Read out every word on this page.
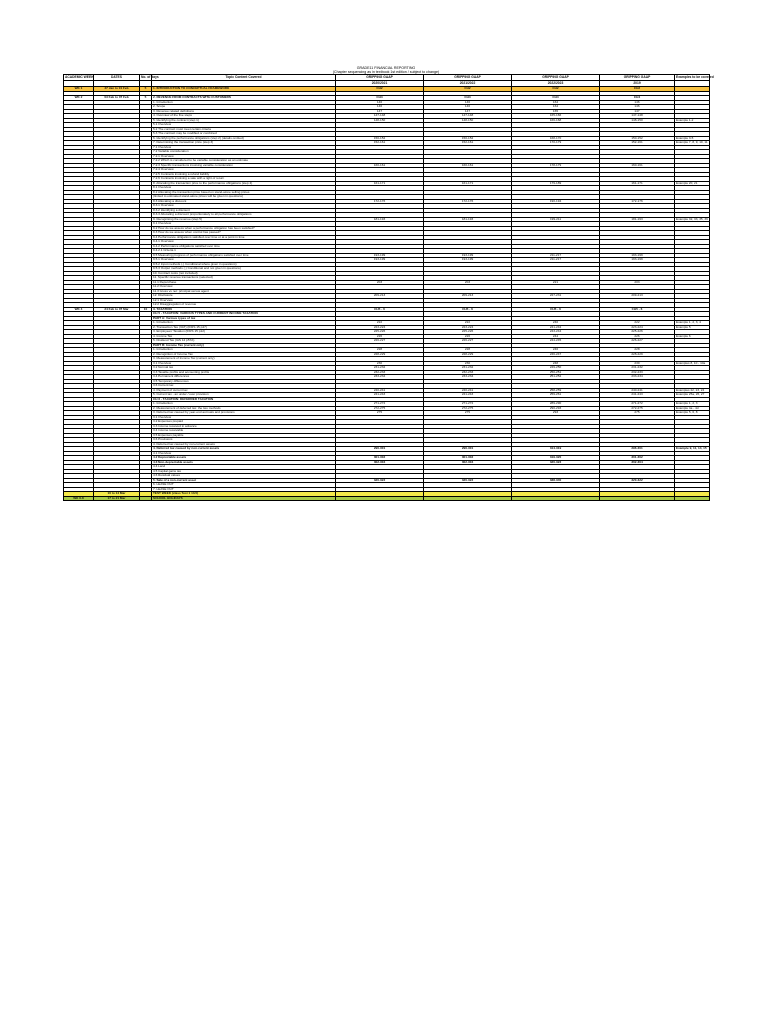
GRADE11 FINANCIAL REPORTING
(Chapter sequencing as in textbook 1st edition / subject to change)
ACADEMIC WEEK	DATES	No. of days	Topic Content Covered	GRIPPING GAAP	GRIPPING GAAP	GRIPPING GAAP	GRIPPING GAAP	Examples to be covered
				2020/2021	2021/2022	2022/2023	2019	
WK 1	27 Jan to 01 Feb	5	1. INTRODUCTION TO CONCEPTUAL FRAMEWORK	CH2	CH2	CH2	CH2	

WK 2	03 Feb to 07 Feb	5	2. REVENUE FROM CONTRACTS WITH CUSTOMERS	CH4	CH4	CH4	CH4	
			1. Introduction	146	146	164	146	
			2. Scope	146	146	164	146	
			3. Revenue related definitions	147	147	165	147	
			4. Overview of the five steps	147-148	147-148	165-166	147-148	
			5. Identifying the contract (step 1)	148-150	148-150	166-168	148-150	Example 1-2
			5.1 Overview					
			5.2 The contract must meet certain criteria					
			5.3 The contract may be modified or combined					
			6. Identifying the performance obligations (step 2) (details omitted)	150-152	150-152	168-170	150-152	Example 3-5
			7. Determining the transaction price (step 3)	152-161	152-161	170-179	152-161	Example 7, 8, 9, 10, 11
			7.1 Overview					
			7.2 Variable consideration					
			7.2.1 Overview					
			7.2.2 Which is considered to be variable consideration as an estimate					
			7.2.3 Specific transactions involving variable consideration	160-161	160-161	178-179	160-161	
			7.2.4 Overview					
			7.2.5 Contracts involving a refund liability					
			7.2.6 Contracts involving a sale with a right of return					
			8. Allocating the transaction price to the performance obligations (step 4)	161-171	161-171	179-189	161-171	Example 20, 21
			8.1 Overview					
			8.2 Allocating the transaction price based on stand-alone selling prices					
			(limited to estimated stand-alone prices will be given in questions)					
			8.3 Allocating a discount	172-176	172-176	190-194	172-176	
			8.3.1 Overview					
			8.3.2 Identifying a discount					
			8.3.3 Allocating a discount proportionately to all performance obligations					
			9. Recognising the revenue (step 5)	181-193	181-193	199-211	181-193	Example 32, 33, 35, 36
			9.1 Overview					
			9.2 How do we assess when a performance obligation has been satisfied?					
			9.3 How do we assess when control has passed?					
			9.4 Performance obligations satisfied over time or at a point in time					
			9.4.1 Overview					
			9.4.2 Performance obligations satisfied over time					
			9.4.2.1 Criteria 1					
			9.5 Measuring progress of performance obligations satisfied over time	193-199	193-199	211-217	193-199	
			9.5.1 Overview	193-199	193-199	211-217	193-199	
			9.5.2 Input methods (-) Conditional where given in questions)					
			9.5.3 Output methods (-) Conditional and not given in questions)					
			10. Contract costs (not included)					
			11. Specific revenue transactions (selected)					
			11.1 Repurchase	203	203	221	203	
			11.2 Overview					
			11.3 Gross vs net: principal versus agent					
			12. Disclosure	209-213	209-213	227-231	209-213	
			12.1 Overview					
			12.2 Disaggregation of revenue					
WK 4	24 Feb to 07 Mar	10	3. TAXATION	CH5 - 6	CH5 - 6	CH5 - 6	CH5 - 6	
			CH 5 - TAXATION: VARIOUS TYPES AND CURRENT INCOME TAXATION					
			PART A: Various types of tax					
			1. Introduction	222	222	240	222	Example 1, 2, 3, 4
			2. Transaction Tax (VAT) (IFRS 15 p47)	223-224	223-224	241-242	223-224	Example 5
			3. Employees' Taxation (IFRS 15 p12)	225-226	225-226	243-244	225-226	
			4. Income Tax	226	226	244	226	Example 6
			5. Dividend Tax (IAS 12 p57A)	226-227	226-227	244-245	226-227	
			PART B: Income Tax (current only)					
			1. Introduction	228	228	246	228	
			2. Recognition of Income Tax	228-229	228-229	246-247	228-229	
			3. Measurement of Income Tax (current only)					
			3.1 Overview	230	230	248	230	Examples 8, 10 - 10a
			3.2 Normal tax	231-232	231-232	249-250	231-232	
			3.3 Taxable profits and accounting profits	232-233	232-233	250-251	232-233	
			3.4 Permanent differences	233-234	233-234	251-252	233-234	
			3.5 Temporary differences					
			3.6 Current tax					
			4. Payment of current tax	240-241	240-241	258-259	240-241	Examples 22, 23, 24
			5. Current tax - an under / over provision	241-243	241-243	259-261	241-243	Example 25a, 26, 27
			CH 6 - TAXATION: DEFERRED TAXATION					
			1. Introduction	271-272	271-272	289-290	271-272	Example 1, 2, 3
			2. Measurement of deferred tax: the two methods	272-275	272-275	290-293	272-275	Example 4a - 4d
			3. Deferred tax caused by year-end accruals and provisions	275	275	293	275	Example 5, 6, 8
			3.1 Overview					
			3.2 Expenses prepaid					
			3.3 Income received in advance					
			3.4 Income receivable					
			3.5 Expenses payable					
			3.6 Provisions					
			4. Deferred tax caused by non-current assets					
			4. Deferred tax caused by non-current assets	296-301	296-301	314-319	296-301	Example 9, 11, 14, 15
			4.1 Overview					
			4.2 Depreciable assets	301-302	301-302	319-320	301-302	
			4.3 Non-depreciable assets	302-304	302-304	320-322	302-304	
			4.4 Land					
			4.5 Capital gains tax					
			4.6 Residual values					
			5. Sale of a non-current asset	320-322	320-322	338-340	320-322	
			6. LEASE OUT					
			7. LEASE OUT					
	10 to 14 Mar		TEST WEEK (class Test 1 13.5)					
WK 6-8	17 to 21 Mar		SCHOOL HOLIDAYS					
